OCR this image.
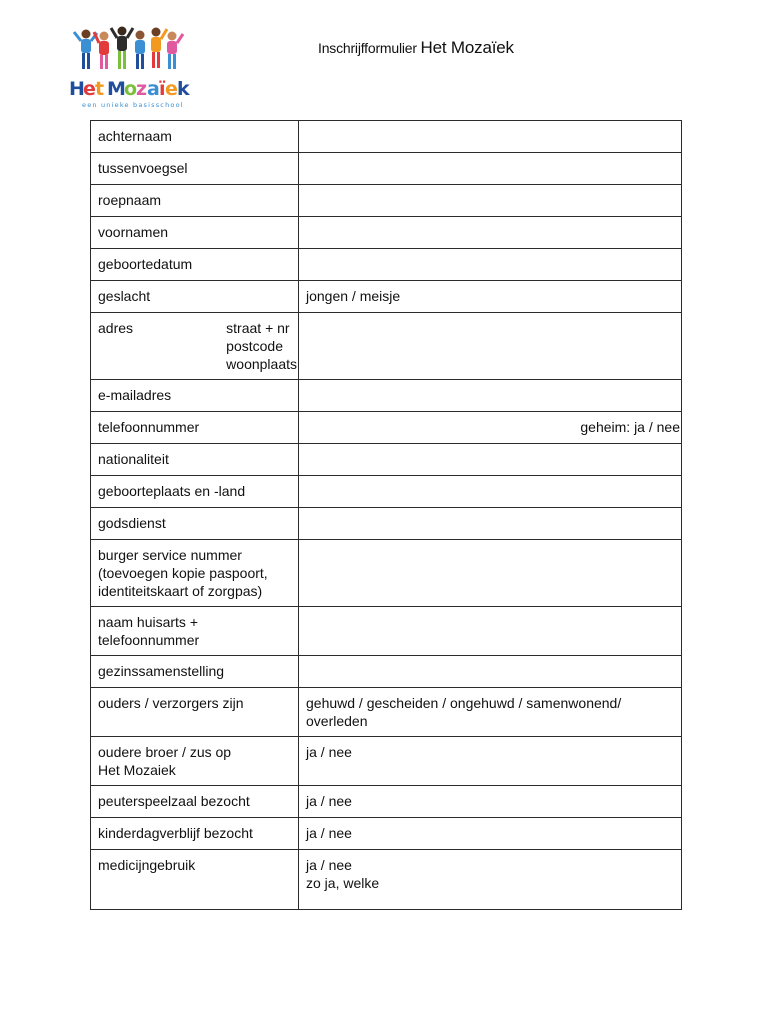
H
e t M
o
z a ï e k
een unieke basisschool
Inschrijfformulier Het Mozaïek
achternaam	
tussenvoegsel	
roepnaam	
voornamen	
geboortedatum	
geslacht	jongen / meisje

adres straat + nr
postcode
woonplaats	

e-mailadres	
telefoonnummer	geheim: ja / nee

nationaliteit	
geboorteplaats en -land	
godsdienst	

burger service nummer
(toevoegen kopie paspoort,
identiteitskaart of zorgpas)	

naam huisarts +
telefoonnummer	

gezinssamenstelling	
ouders / verzorgers zijn	gehuwd / gescheiden / ongehuwd / samenwonend/
overleden

oudere broer / zus op
Het Mozaiek	ja / nee
peuterspeelzaal bezocht	ja / nee
kinderdagverblijf bezocht	ja / nee
medicijngebruik	ja / nee
zo ja, welke
